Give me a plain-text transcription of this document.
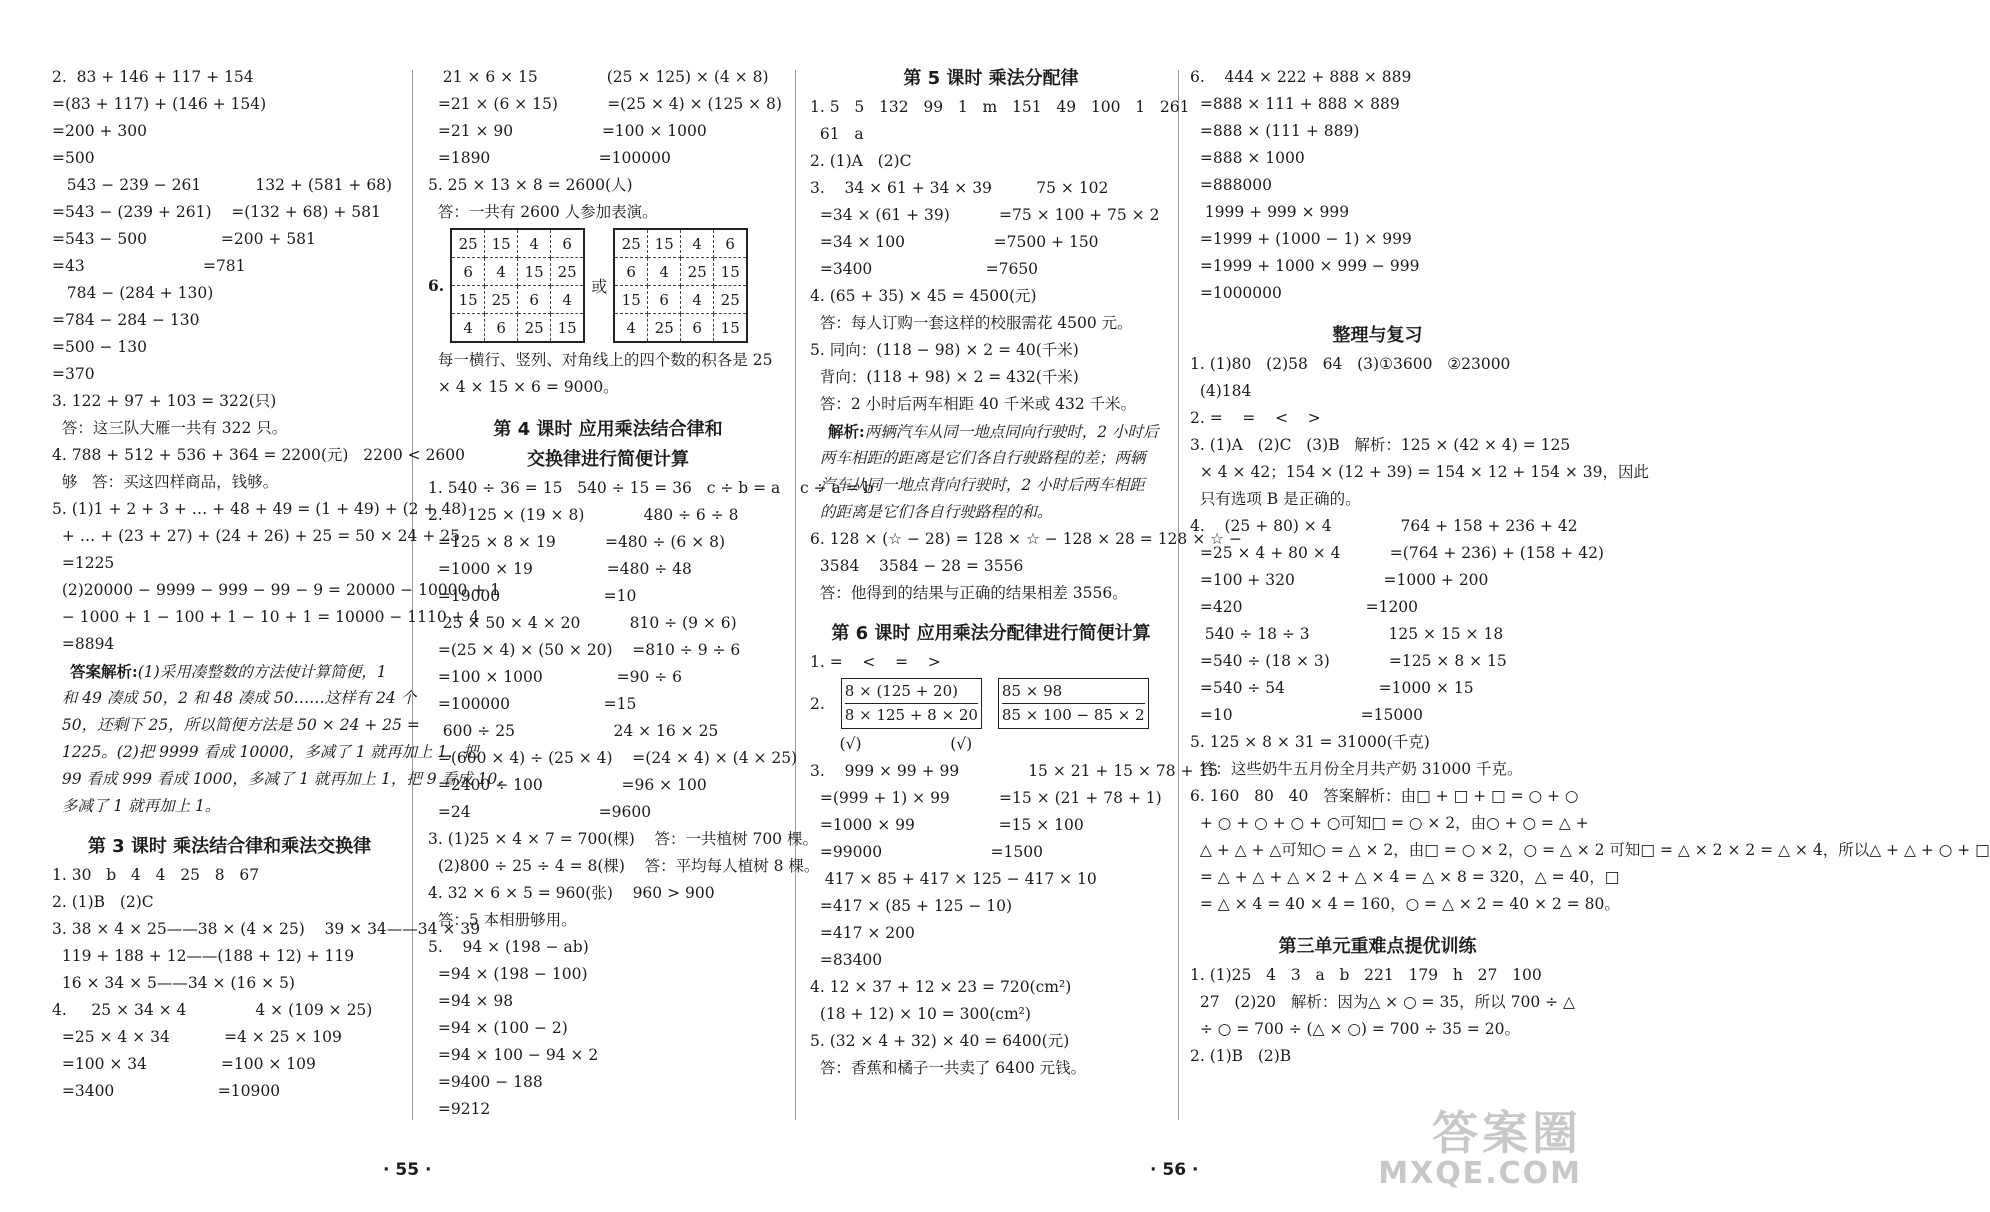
2.  83 + 146 + 117 + 154
=(83 + 117) + (146 + 154)
=200 + 300
=500
543 − 239 − 261           132 + (581 + 68)
=543 − (239 + 261)    =(132 + 68) + 581
=543 − 500               =200 + 581
=43                        =781
784 − (284 + 130)
=784 − 284 − 130
=500 − 130
=370
3. 122 + 97 + 103 = 322(只)
答：这三队大雁一共有 322 只。
4. 788 + 512 + 536 + 364 = 2200(元)   2200 < 2600
够   答：买这四样商品，钱够。
5. (1)1 + 2 + 3 + … + 48 + 49 = (1 + 49) + (2 + 48)
+ … + (23 + 27) + (24 + 26) + 25 = 50 × 24 + 25
=1225
(2)20000 − 9999 − 999 − 99 − 9 = 20000 − 10000 + 1
− 1000 + 1 − 100 + 1 − 10 + 1 = 10000 − 1110 + 4
=8894
答案解析:(1)采用凑整数的方法使计算简便，1
和 49 凑成 50，2 和 48 凑成 50……这样有 24 个
50，还剩下 25，所以简便方法是 50 × 24 + 25 =
1225。(2)把 9999 看成 10000，多减了 1 就再加上 1，把
99 看成 999 看成 1000，多减了 1 就再加上 1，把 9 看成 10，
多减了 1 就再加上 1。
第 3 课时 乘法结合律和乘法交换律
1. 30   b   4   4   25   8   67
2. (1)B   (2)C
3. 38 × 4 × 25——38 × (4 × 25)    39 × 34——34 × 39
119 + 188 + 12——(188 + 12) + 119
16 × 34 × 5——34 × (16 × 5)
4.     25 × 34 × 4              4 × (109 × 25)
=25 × 4 × 34           =4 × 25 × 109
=100 × 34               =100 × 109
=3400                     =10900
21 × 6 × 15              (25 × 125) × (4 × 8)
=21 × (6 × 15)          =(25 × 4) × (125 × 8)
=21 × 90                  =100 × 1000
=1890                      =100000
5. 25 × 13 × 8 = 2600(人)
答：一共有 2600 人参加表演。
6.
25	15	4	6
6	4	15	25
15	25	6	4
4	6	25	15
或
25	15	4	6
6	4	25	15
15	6	4	25
4	25	6	15
每一横行、竖列、对角线上的四个数的积各是 25
× 4 × 15 × 6 = 9000。
第 4 课时 应用乘法结合律和
交换律进行简便计算
1. 540 ÷ 36 = 15   540 ÷ 15 = 36   c ÷ b = a    c ÷ a = b
2.     125 × (19 × 8)            480 ÷ 6 ÷ 8
=125 × 8 × 19          =480 ÷ (6 × 8)
=1000 × 19               =480 ÷ 48
=19000                     =10
25 × 50 × 4 × 20          810 ÷ (9 × 6)
=(25 × 4) × (50 × 20)    =810 ÷ 9 ÷ 6
=100 × 1000               =90 ÷ 6
=100000                   =15
600 ÷ 25                    24 × 16 × 25
=(600 × 4) ÷ (25 × 4)    =(24 × 4) × (4 × 25)
=2400 ÷ 100                =96 × 100
=24                          =9600
3. (1)25 × 4 × 7 = 700(棵)    答：一共植树 700 棵。
(2)800 ÷ 25 ÷ 4 = 8(棵)    答：平均每人植树 8 棵。
4. 32 × 6 × 5 = 960(张)    960 > 900
答：5 本相册够用。
5.    94 × (198 − ab)
=94 × (198 − 100)
=94 × 98
=94 × (100 − 2)
=94 × 100 − 94 × 2
=9400 − 188
=9212
第 5 课时 乘法分配律
1. 5   5   132   99   1   m   151   49   100   1   261
61   a
2. (1)A   (2)C
3.    34 × 61 + 34 × 39         75 × 102
=34 × (61 + 39)          =75 × 100 + 75 × 2
=34 × 100                  =7500 + 150
=3400                       =7650
4. (65 + 35) × 45 = 4500(元)
答：每人订购一套这样的校服需花 4500 元。
5. 同向：(118 − 98) × 2 = 40(千米)
背向：(118 + 98) × 2 = 432(千米)
答：2 小时后两车相距 40 千米或 432 千米。
解析:两辆汽车从同一地点同向行驶时，2 小时后
两车相距的距离是它们各自行驶路程的差；两辆
汽车从同一地点背向行驶时，2 小时后两车相距
的距离是它们各自行驶路程的和。
6. 128 × (☆ − 28) = 128 × ☆ − 128 × 28 = 128 × ☆ −
3584    3584 − 28 = 3556
答：他得到的结果与正确的结果相差 3556。
第 6 课时 应用乘法分配律进行简便计算
1. =    <    =    >
2.
8 × (125 + 20)
8 × 125 + 8 × 20
85 × 98
85 × 100 − 85 × 2
(√)                  (√)
3.    999 × 99 + 99              15 × 21 + 15 × 78 + 15
=(999 + 1) × 99          =15 × (21 + 78 + 1)
=1000 × 99                 =15 × 100
=99000                      =1500
417 × 85 + 417 × 125 − 417 × 10
=417 × (85 + 125 − 10)
=417 × 200
=83400
4. 12 × 37 + 12 × 23 = 720(cm²)
(18 + 12) × 10 = 300(cm²)
5. (32 × 4 + 32) × 40 = 6400(元)
答：香蕉和橘子一共卖了 6400 元钱。
6.    444 × 222 + 888 × 889
=888 × 111 + 888 × 889
=888 × (111 + 889)
=888 × 1000
=888000
1999 + 999 × 999
=1999 + (1000 − 1) × 999
=1999 + 1000 × 999 − 999
=1000000
整理与复习
1. (1)80   (2)58   64   (3)①3600   ②23000
(4)184
2. =    =    <    >
3. (1)A   (2)C   (3)B   解析：125 × (42 × 4) = 125
× 4 × 42；154 × (12 + 39) = 154 × 12 + 154 × 39，因此
只有选项 B 是正确的。
4.    (25 + 80) × 4              764 + 158 + 236 + 42
=25 × 4 + 80 × 4          =(764 + 236) + (158 + 42)
=100 + 320                  =1000 + 200
=420                         =1200
540 ÷ 18 ÷ 3                125 × 15 × 18
=540 ÷ (18 × 3)            =125 × 8 × 15
=540 ÷ 54                   =1000 × 15
=10                          =15000
5. 125 × 8 × 31 = 31000(千克)
答：这些奶牛五月份全月共产奶 31000 千克。
6. 160   80   40   答案解析：由□ + □ + □ = ○ + ○
+ ○ + ○ + ○ + ○可知□ = ○ × 2，由○ + ○ = △ +
△ + △ + △可知○ = △ × 2，由□ = ○ × 2，○ = △ × 2 可知□ = △ × 2 × 2 = △ × 4，所以△ + △ + ○ + □
= △ + △ + △ × 2 + △ × 4 = △ × 8 = 320，△ = 40，□
= △ × 4 = 40 × 4 = 160，○ = △ × 2 = 40 × 2 = 80。
第三单元重难点提优训练
1. (1)25   4   3   a   b   221   179   h   27   100
27   (2)20   解析：因为△ × ○ = 35，所以 700 ÷ △
÷ ○ = 700 ÷ (△ × ○) = 700 ÷ 35 = 20。
2. (1)B   (2)B
· 55 ·	· 56 ·
答案圈
MXQE.COM
